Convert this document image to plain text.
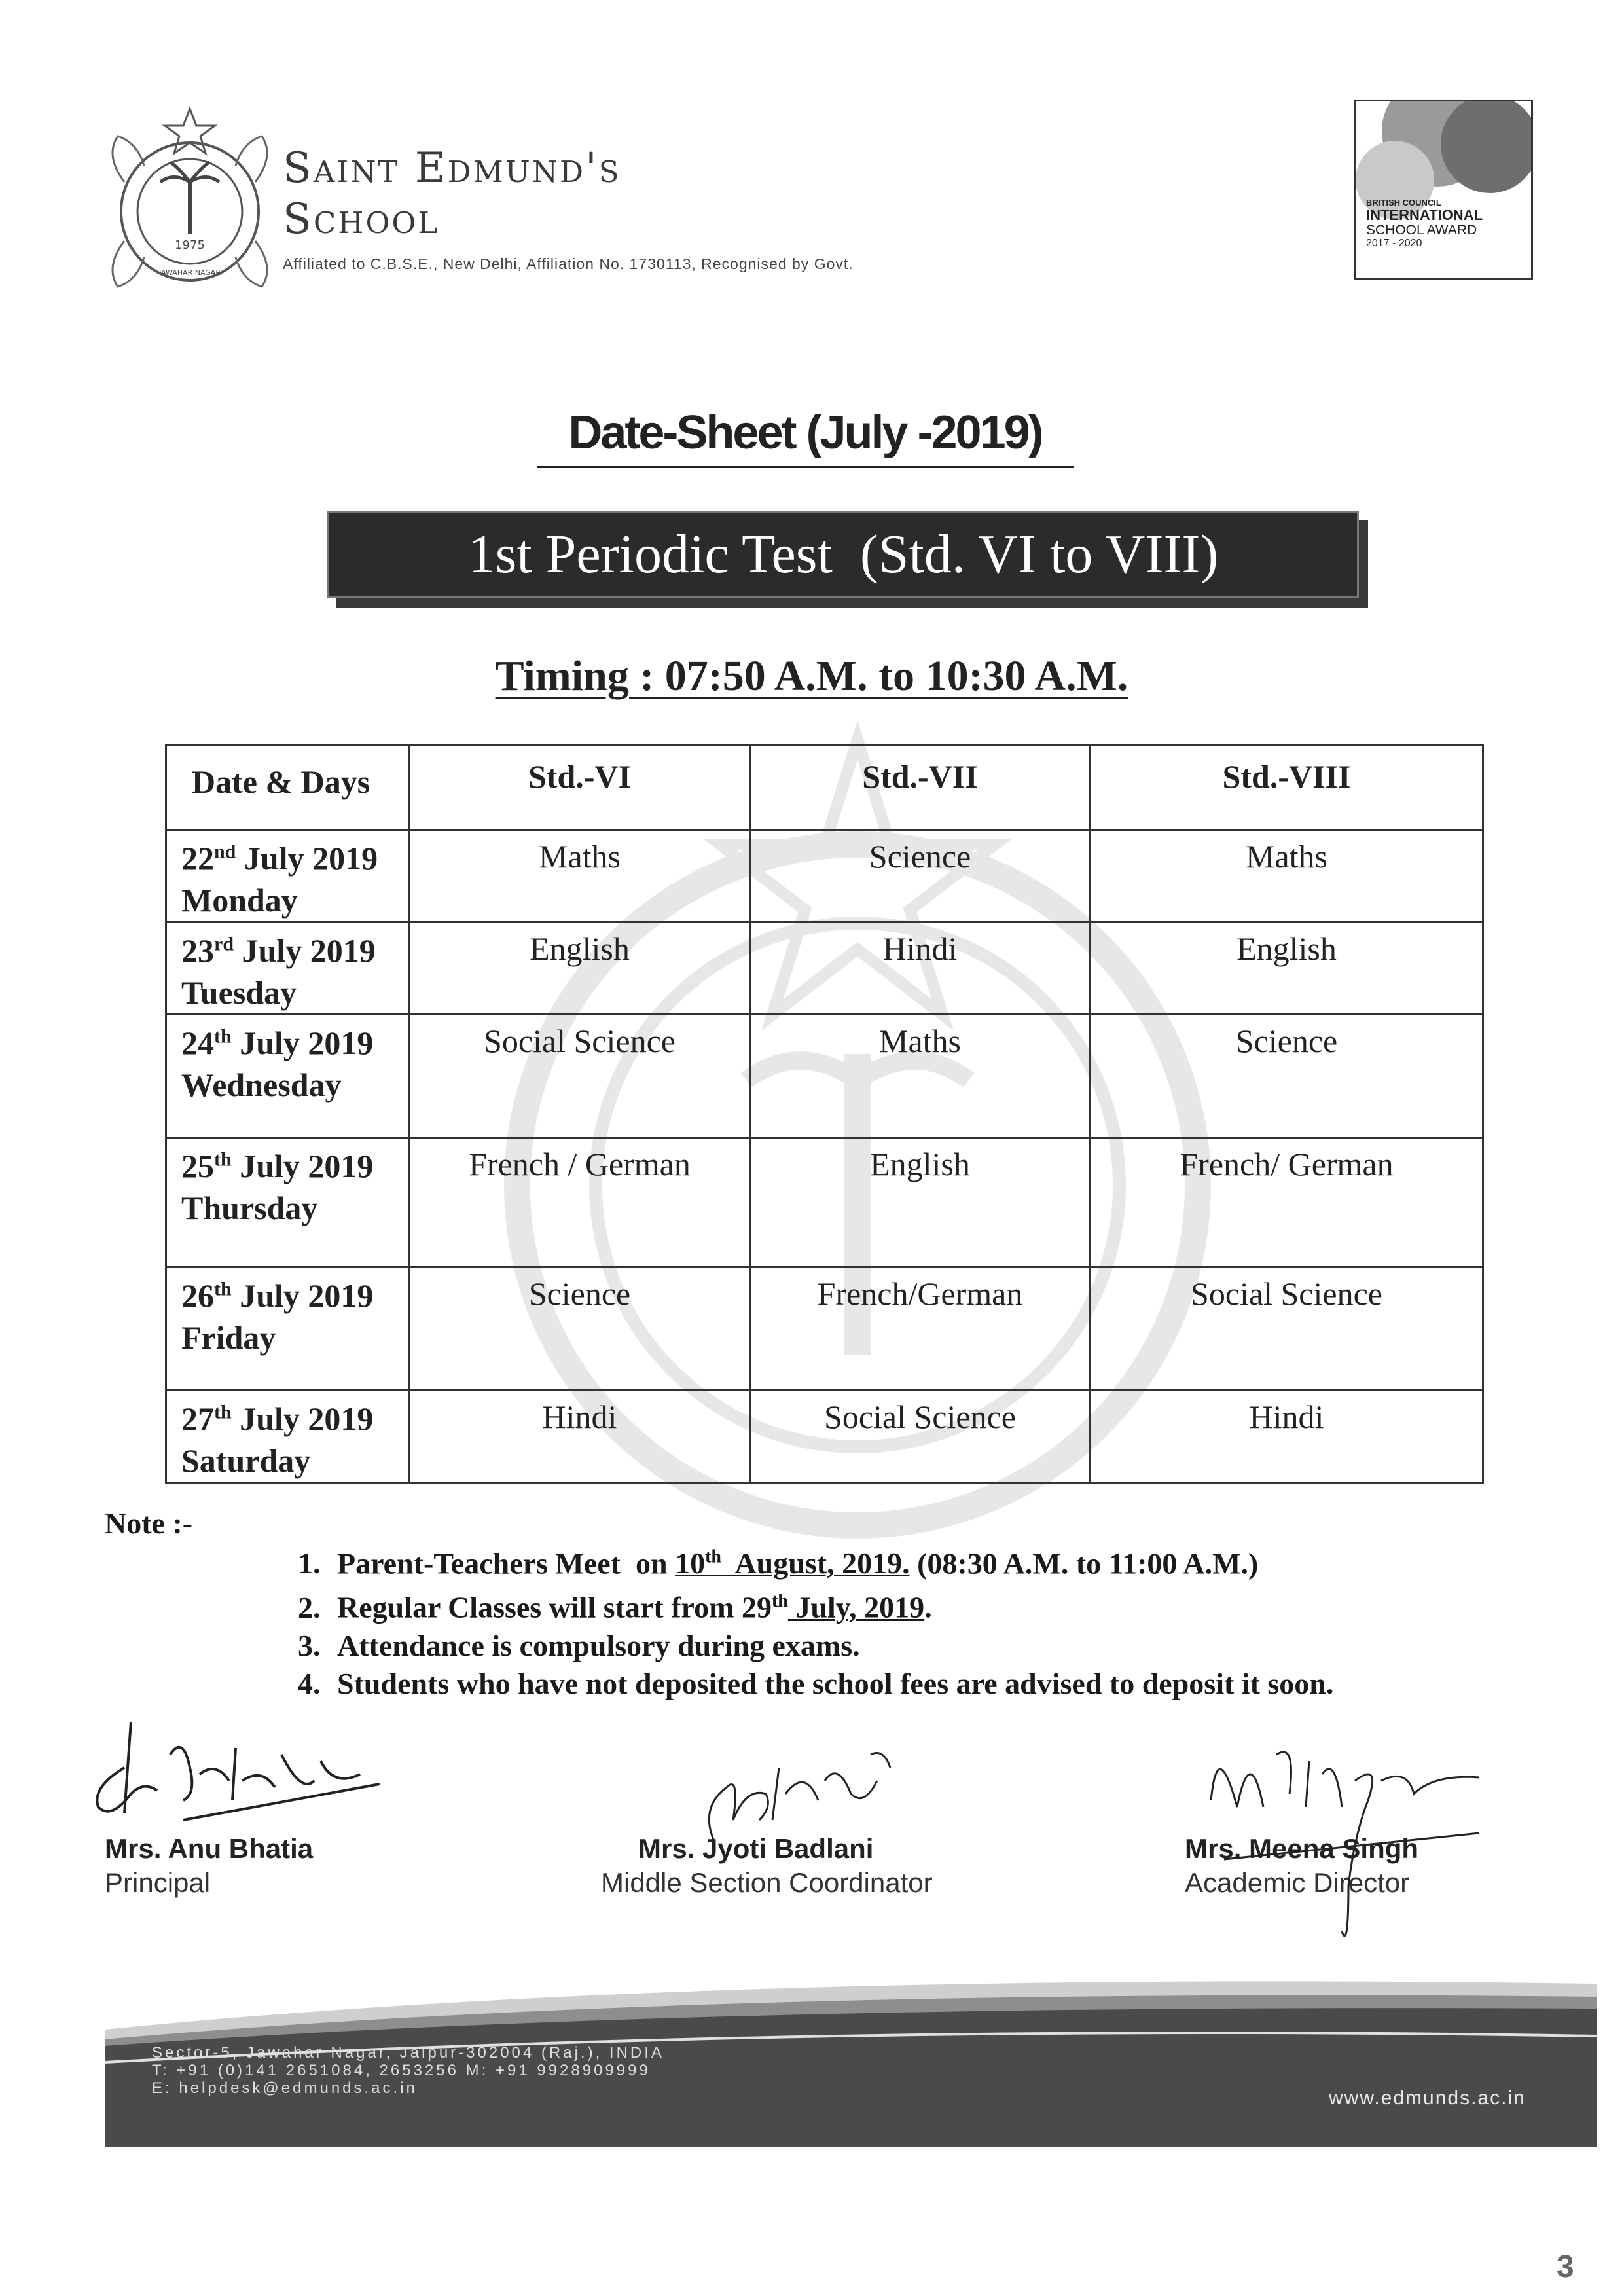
1975
JAWAHAR NAGAR
Saint Edmund's
School
Affiliated to C.B.S.E., New Delhi, Affiliation No. 1730113, Recognised by Govt.
BRITISH COUNCIL
INTERNATIONAL
SCHOOL AWARD
2017 - 2020
Date-Sheet (July -2019)
1st Periodic Test  (Std. VI to VIII)
Timing : 07:50 A.M. to 10:30 A.M.
Date & Days	Std.-VI	Std.-VII	Std.-VIII
22nd July 2019
Monday	Maths	Science	Maths
23rd July 2019
Tuesday	English	Hindi	English
24th July 2019
Wednesday	Social Science	Maths	Science
25th July 2019
Thursday	French / German	English	French/ German
26th July 2019
Friday	Science	French/German	Social Science
27th July 2019
Saturday	Hindi	Social Science	Hindi
Note :-
1. Parent-Teachers Meet  on 10th  August, 2019. (08:30 A.M. to 11:00 A.M.)
2. Regular Classes will start from 29th July, 2019.
3. Attendance is compulsory during exams.
4. Students who have not deposited the school fees are advised to deposit it soon.
Mrs. Anu Bhatia
Principal
Mrs. Jyoti Badlani
Middle Section Coordinator
Mrs. Meena Singh
Academic Director
Sector-5, Jawahar Nagar, Jaipur-302004 (Raj.), INDIA
T: +91 (0)141 2651084, 2653256 M: +91 9928909999
E: helpdesk@edmunds.ac.in	www.edmunds.ac.in
3
